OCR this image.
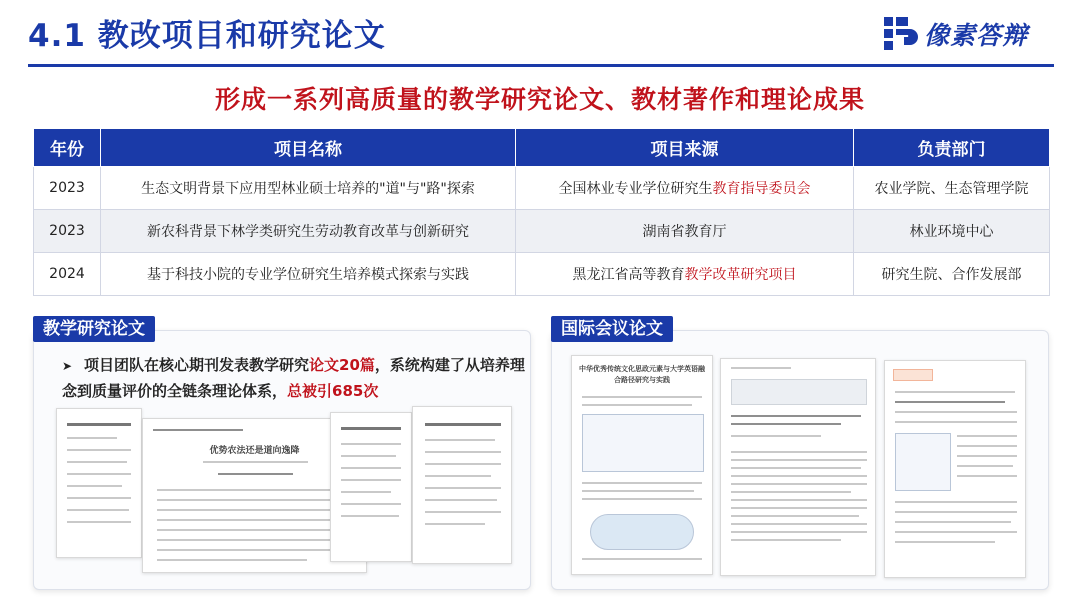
4.1 教改项目和研究论文	像素答辩
形成一系列高质量的教学研究论文、教材著作和理论成果
年份	项目名称	项目来源	负责部门
2023	生态文明背景下应用型林业硕士培养的"道"与"路"探索	全国林业专业学位研究生教育指导委员会	农业学院、生态管理学院
2023	新农科背景下林学类研究生劳动教育改革与创新研究	湖南省教育厅	林业环境中心
2024	基于科技小院的专业学位研究生培养模式探索与实践	黑龙江省高等教育教学改革研究项目	研究生院、合作发展部
教学研究论文
➤ 项目团队在核心期刊发表教学研究论文20篇，系统构建了从培养理念到质量评价的全链条理论体系，总被引685次
优势农法还是道向逸降
国际会议论文
中华优秀传统文化思政元素与大学英语融合路径研究与实践
